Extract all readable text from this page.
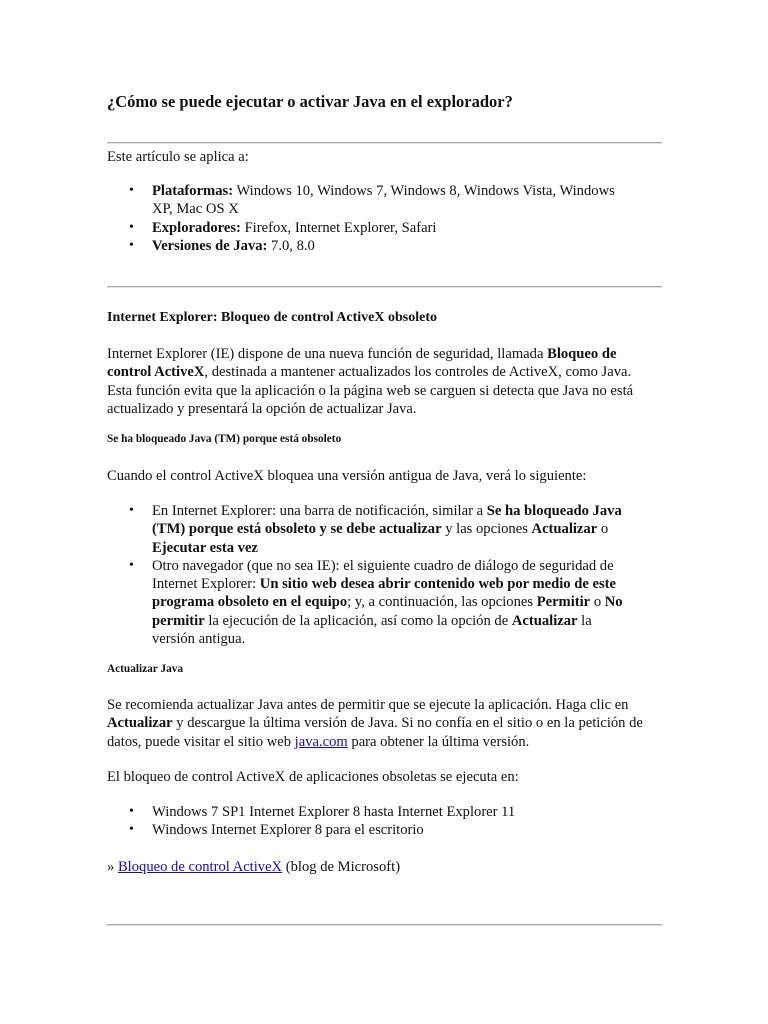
¿Cómo se puede ejecutar o activar Java en el explorador?

Este artículo se aplica a:

• Plataformas: Windows 10, Windows 7, Windows 8, Windows Vista, Windows XP, Mac OS X
• Exploradores: Firefox, Internet Explorer, Safari
• Versiones de Java: 7.0, 8.0

Internet Explorer: Bloqueo de control ActiveX obsoleto

Internet Explorer (IE) dispone de una nueva función de seguridad, llamada Bloqueo de control ActiveX, destinada a mantener actualizados los controles de ActiveX, como Java. Esta función evita que la aplicación o la página web se carguen si detecta que Java no está actualizado y presentará la opción de actualizar Java.

Se ha bloqueado Java (TM) porque está obsoleto

Cuando el control ActiveX bloquea una versión antigua de Java, verá lo siguiente:

• En Internet Explorer: una barra de notificación, similar a Se ha bloqueado Java (TM) porque está obsoleto y se debe actualizar y las opciones Actualizar o Ejecutar esta vez
• Otro navegador (que no sea IE): el siguiente cuadro de diálogo de seguridad de Internet Explorer: Un sitio web desea abrir contenido web por medio de este programa obsoleto en el equipo; y, a continuación, las opciones Permitir o No permitir la ejecución de la aplicación, así como la opción de Actualizar la versión antigua.

Actualizar Java

Se recomienda actualizar Java antes de permitir que se ejecute la aplicación. Haga clic en Actualizar y descargue la última versión de Java. Si no confía en el sitio o en la petición de datos, puede visitar el sitio web java.com para obtener la última versión.

El bloqueo de control ActiveX de aplicaciones obsoletas se ejecuta en:

• Windows 7 SP1 Internet Explorer 8 hasta Internet Explorer 11
• Windows Internet Explorer 8 para el escritorio

» Bloqueo de control ActiveX (blog de Microsoft)
